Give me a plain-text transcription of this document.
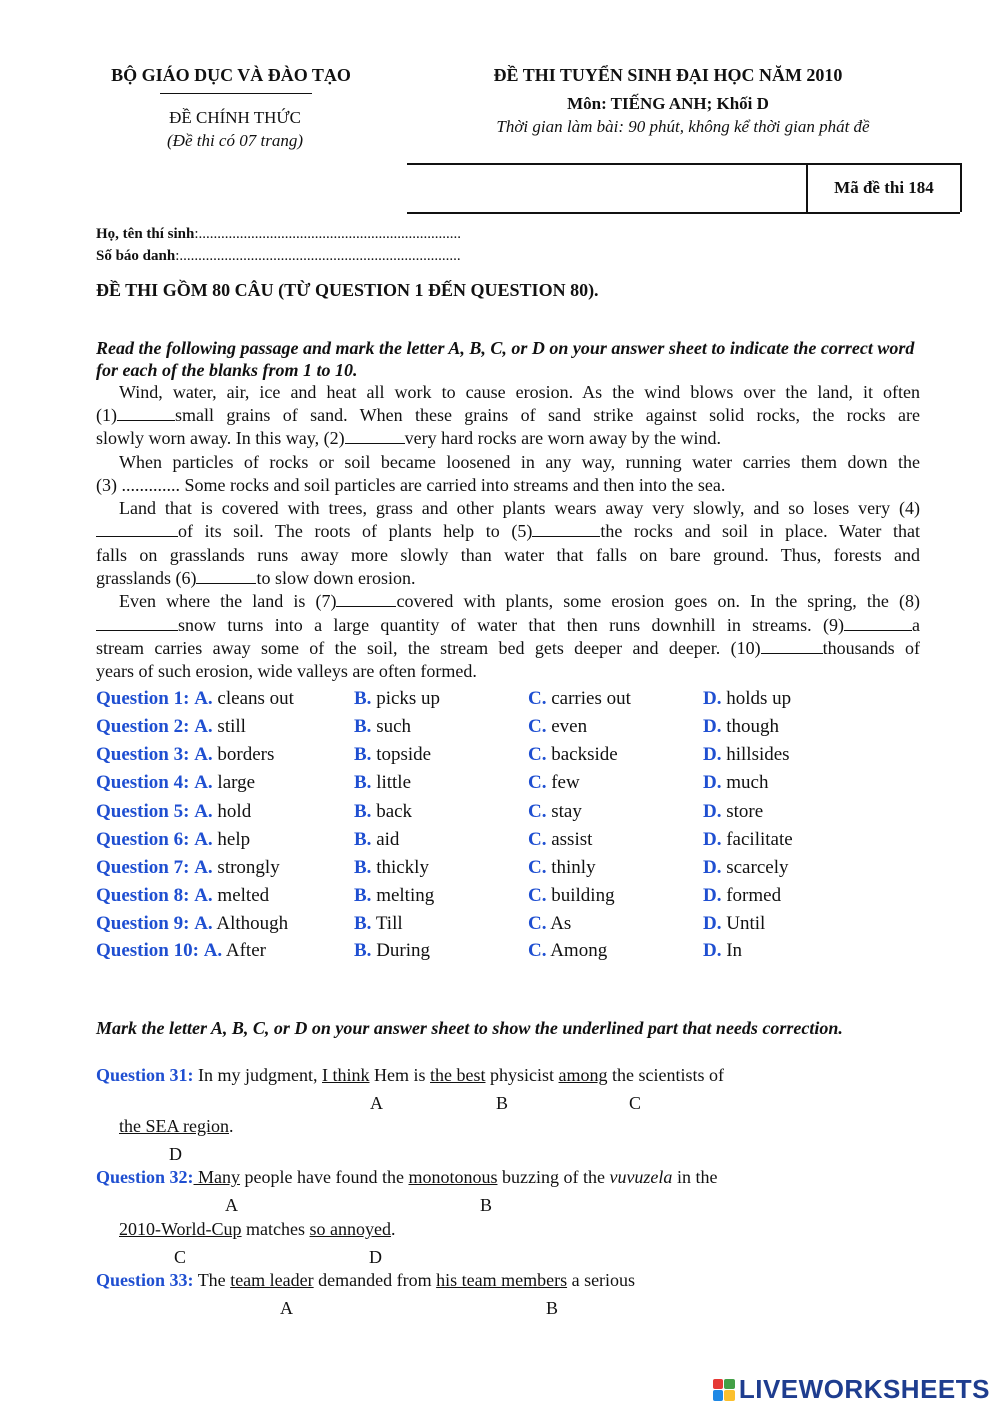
BỘ GIÁO DỤC VÀ ĐÀO TẠO
ĐỀ CHÍNH THỨC
(Đề thi có 07 trang)
ĐỀ THI TUYỂN SINH ĐẠI HỌC NĂM 2010
Môn: TIẾNG ANH; Khối D
Thời gian làm bài: 90 phút, không kể thời gian phát đề
Mã đề thi 184
Họ, tên thí sinh:......................................................................
Số báo danh:...........................................................................
ĐỀ THI GỒM 80 CÂU (TỪ QUESTION 1 ĐẾN QUESTION 80).
Read the following passage and mark the letter A, B, C, or D on your answer sheet to indicate the correct word for each of the blanks from 1 to 10.
Wind, water, air, ice and heat all work to cause erosion. As the wind blows over the land, it often
(1)	small grains of sand. When these grains of sand strike against solid rocks, the rocks are
slowly worn away. In this way, (2)	very hard rocks are worn away by the wind.
When particles of rocks or soil became loosened in any way, running water carries them down the
(3) ............. Some rocks and soil particles are carried into streams and then into the sea.
Land that is covered with trees, grass and other plants wears away very slowly, and so loses very (4)
of its soil. The roots of plants help to (5)	the rocks and soil in place. Water that
falls on grasslands runs away more slowly than water that falls on bare ground. Thus, forests and
grasslands (6)	to slow down erosion.
Even where the land is (7)	covered with plants, some erosion goes on. In the spring, the (8)
snow turns into a large quantity of water that then runs downhill in streams. (9)	a
stream carries away some of the soil, the stream bed gets deeper and deeper. (10)	thousands of
years of such erosion, wide valleys are often formed.
Question 1: A. cleans out	B. picks up	C. carries out	D. holds up
Question 2: A. still	B. such	C. even	D. though
Question 3: A. borders	B. topside	C. backside	D. hillsides
Question 4: A. large	B. little	C. few	D. much
Question 5: A. hold	B. back	C. stay	D. store
Question 6: A. help	B. aid	C. assist	D. facilitate
Question 7: A. strongly	B. thickly	C. thinly	D. scarcely
Question 8: A. melted	B. melting	C. building	D. formed
Question 9: A. Although	B. Till	C. As	D. Until
Question 10: A. After	B. During	C. Among	D. In
Mark the letter A, B, C, or D on your answer sheet to show the underlined part that needs correction.
Question 31: In my judgment, I think Hem is the best physicist among the scientists of
A	B	C
the SEA region.
D
Question 32: Many people have found the monotonous buzzing of the vuvuzela in the
A	B
2010-World-Cup matches so annoyed.
C	D
Question 33: The team leader demanded from his team members a serious
A	B
LIVEWORKSHEETS
